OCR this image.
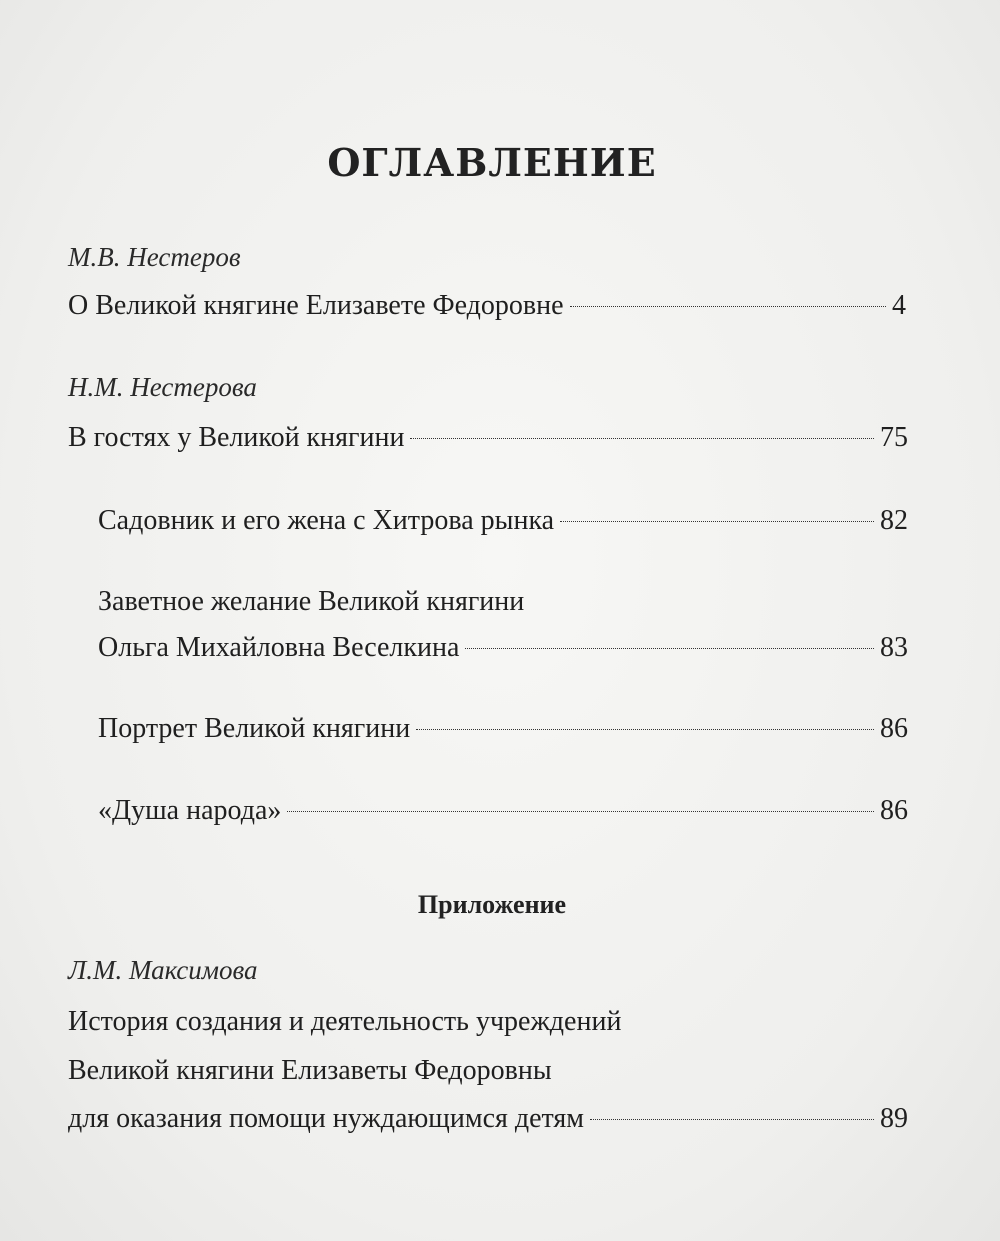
ОГЛАВЛЕНИЕ
М.В. Нестеров
О Великой княгине Елизавете Федоровне	4
Н.М. Нестерова
В гостях у Великой княгини	75
Садовник и его жена с Хитрова рынка	82
Заветное желание Великой княгини
Ольга Михайловна Веселкина	83
Портрет Великой княгини	86
«Душа народа»	86
Приложение
Л.М. Максимова
История создания и деятельность учреждений
Великой княгини Елизаветы Федоровны
для оказания помощи нуждающимся детям	89
